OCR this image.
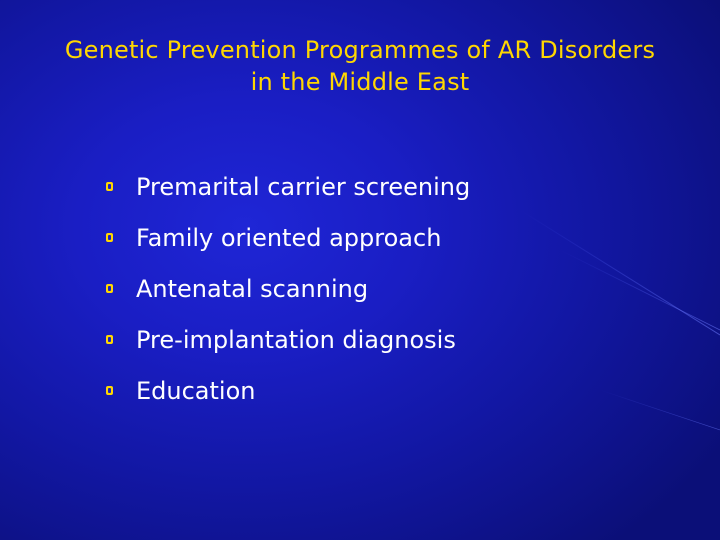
Genetic Prevention Programmes of AR Disorders
in the Middle East
Premarital carrier screening
Family oriented approach
Antenatal scanning
Pre-implantation diagnosis
Education
